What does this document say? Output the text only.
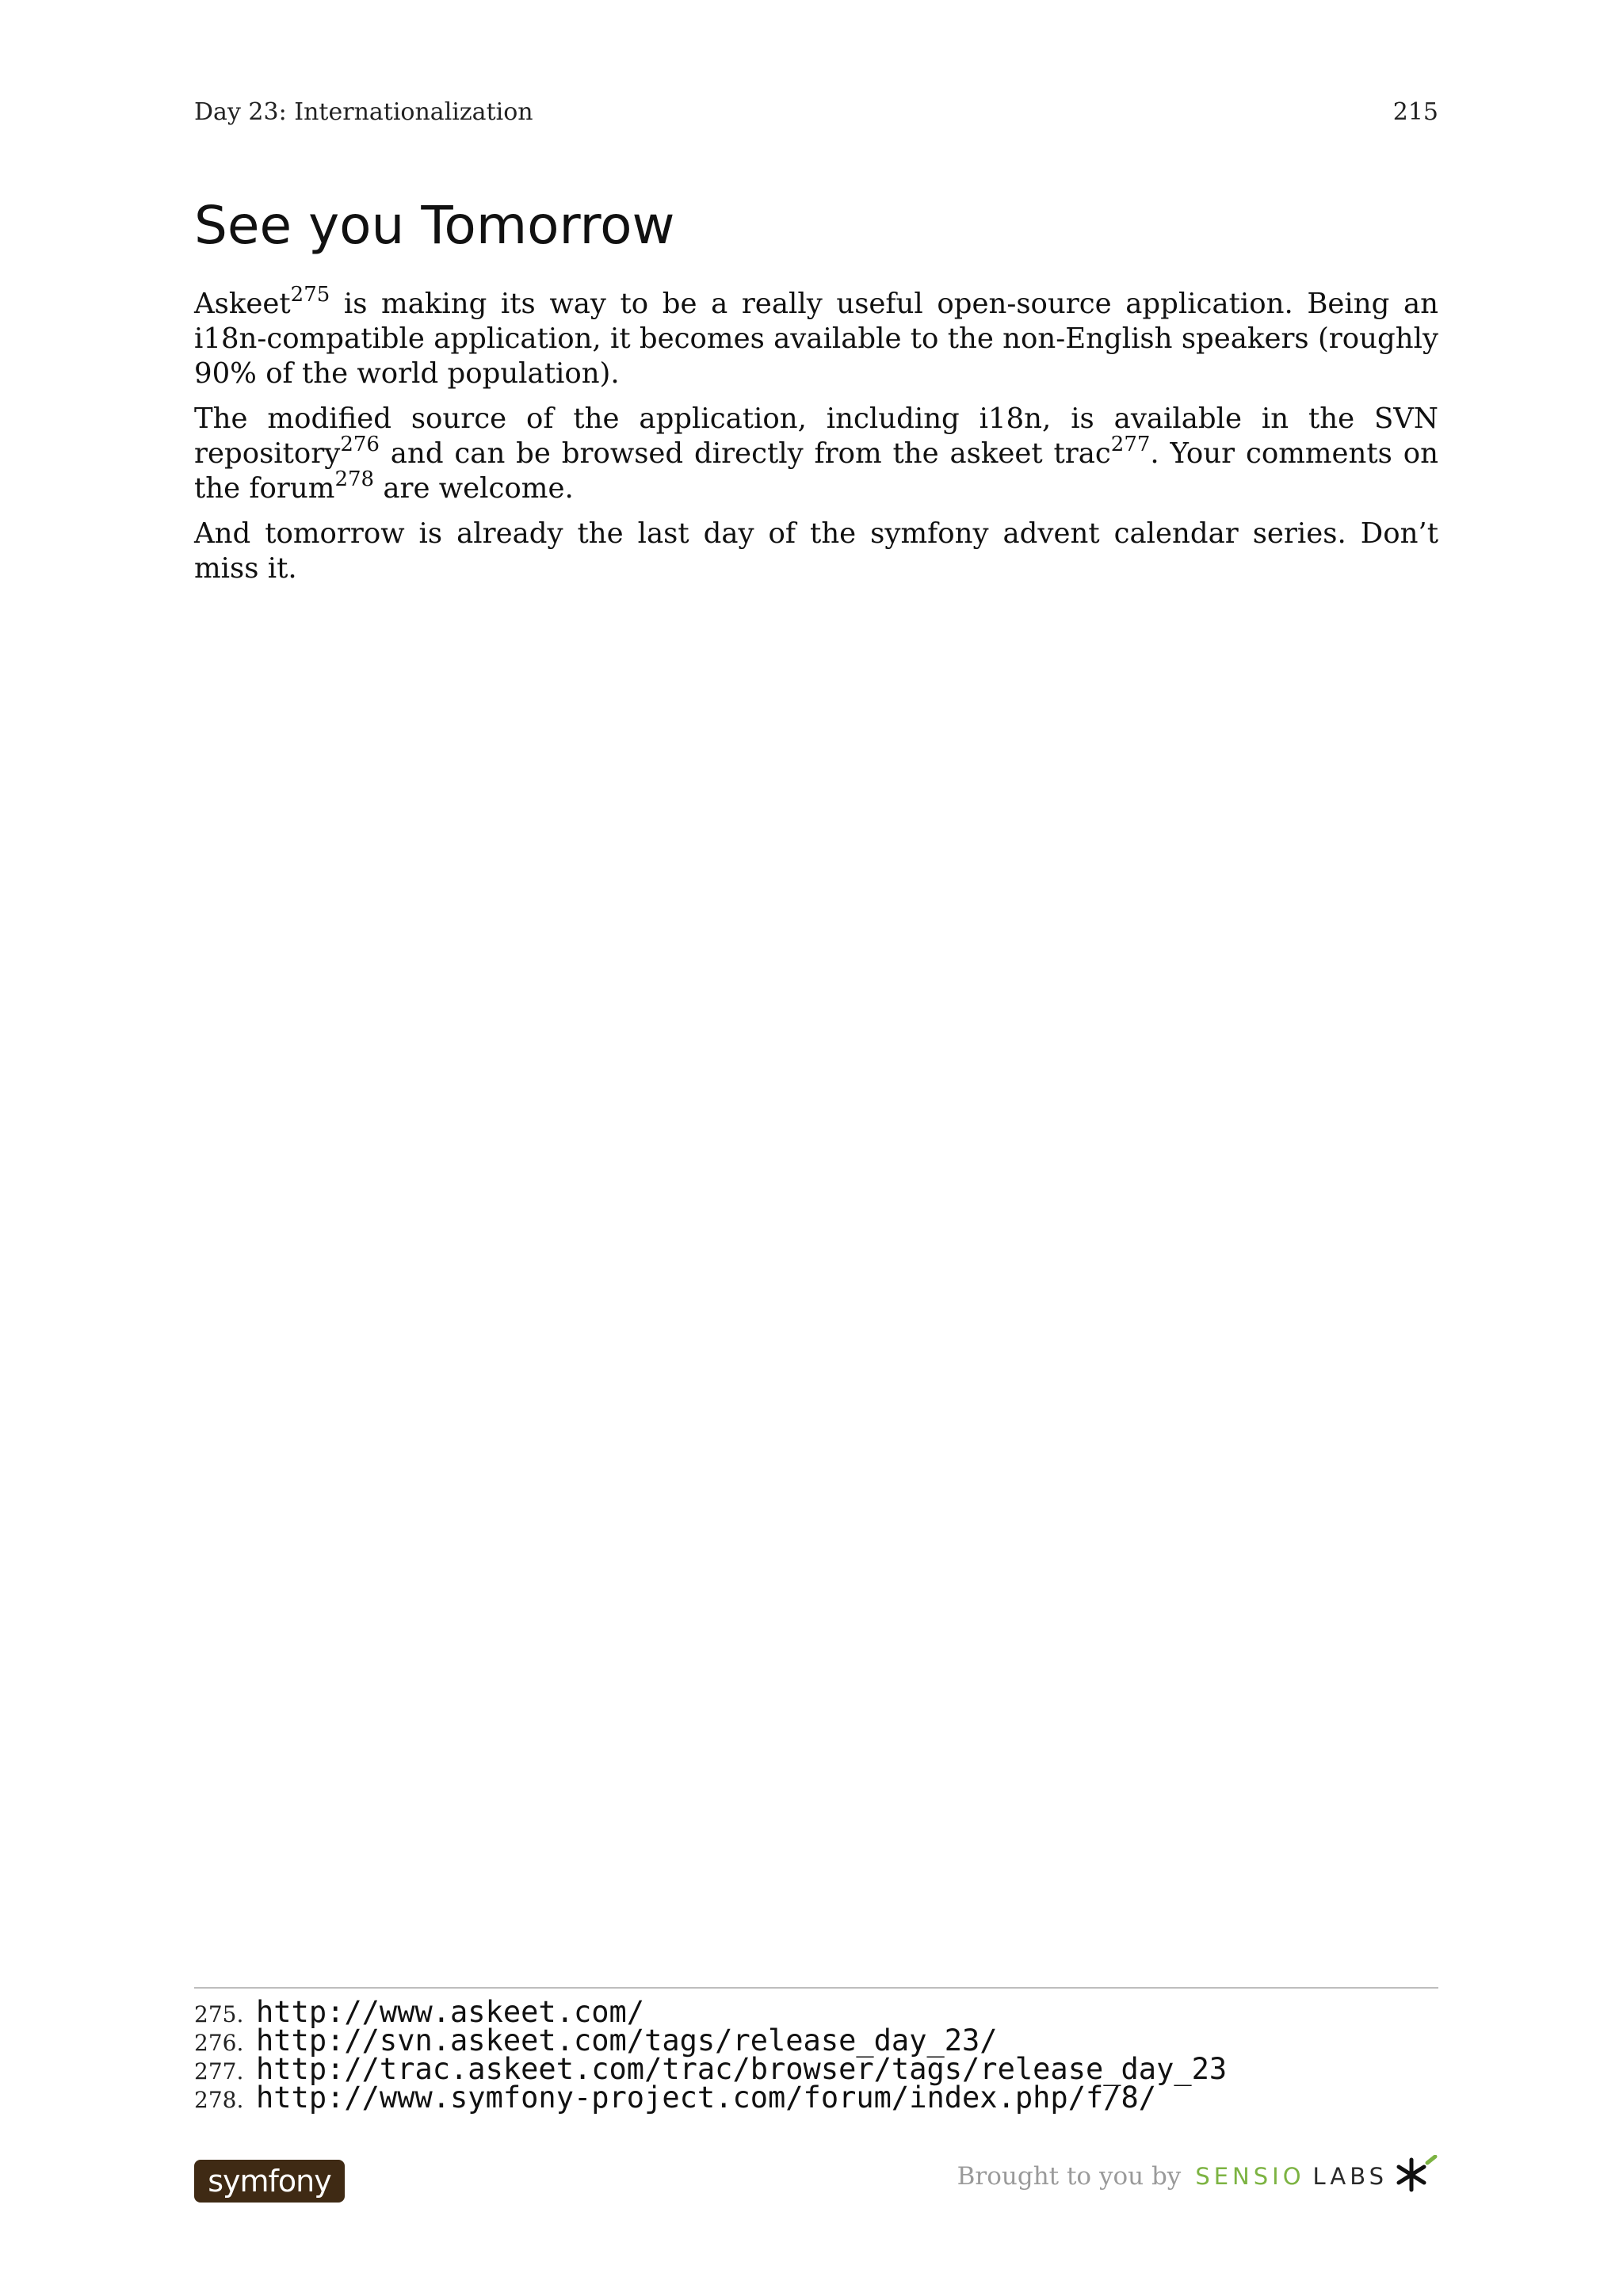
Day 23: Internationalization	215
See you Tomorrow

Askeet$^{275}$ is making its way to be a really useful open-source application. Being an i18n-compatible application, it becomes available to the non-English speakers (roughly 90% of the world population).

The modified source of the application, including i18n, is available in the SVN repository$^{276}$ and can be browsed directly from the askeet trac$^{277}$. Your comments on the forum$^{278}$ are welcome.

And tomorrow is already the last day of the symfony advent calendar series. Don’t miss it.

275. http://www.askeet.com/
276. http://svn.askeet.com/tags/release_day_23/
277. http://trac.askeet.com/trac/browser/tags/release_day_23
278. http://www.symfony-project.com/forum/index.php/f/8/
symfony	Brought to you by SENSIO LABS
